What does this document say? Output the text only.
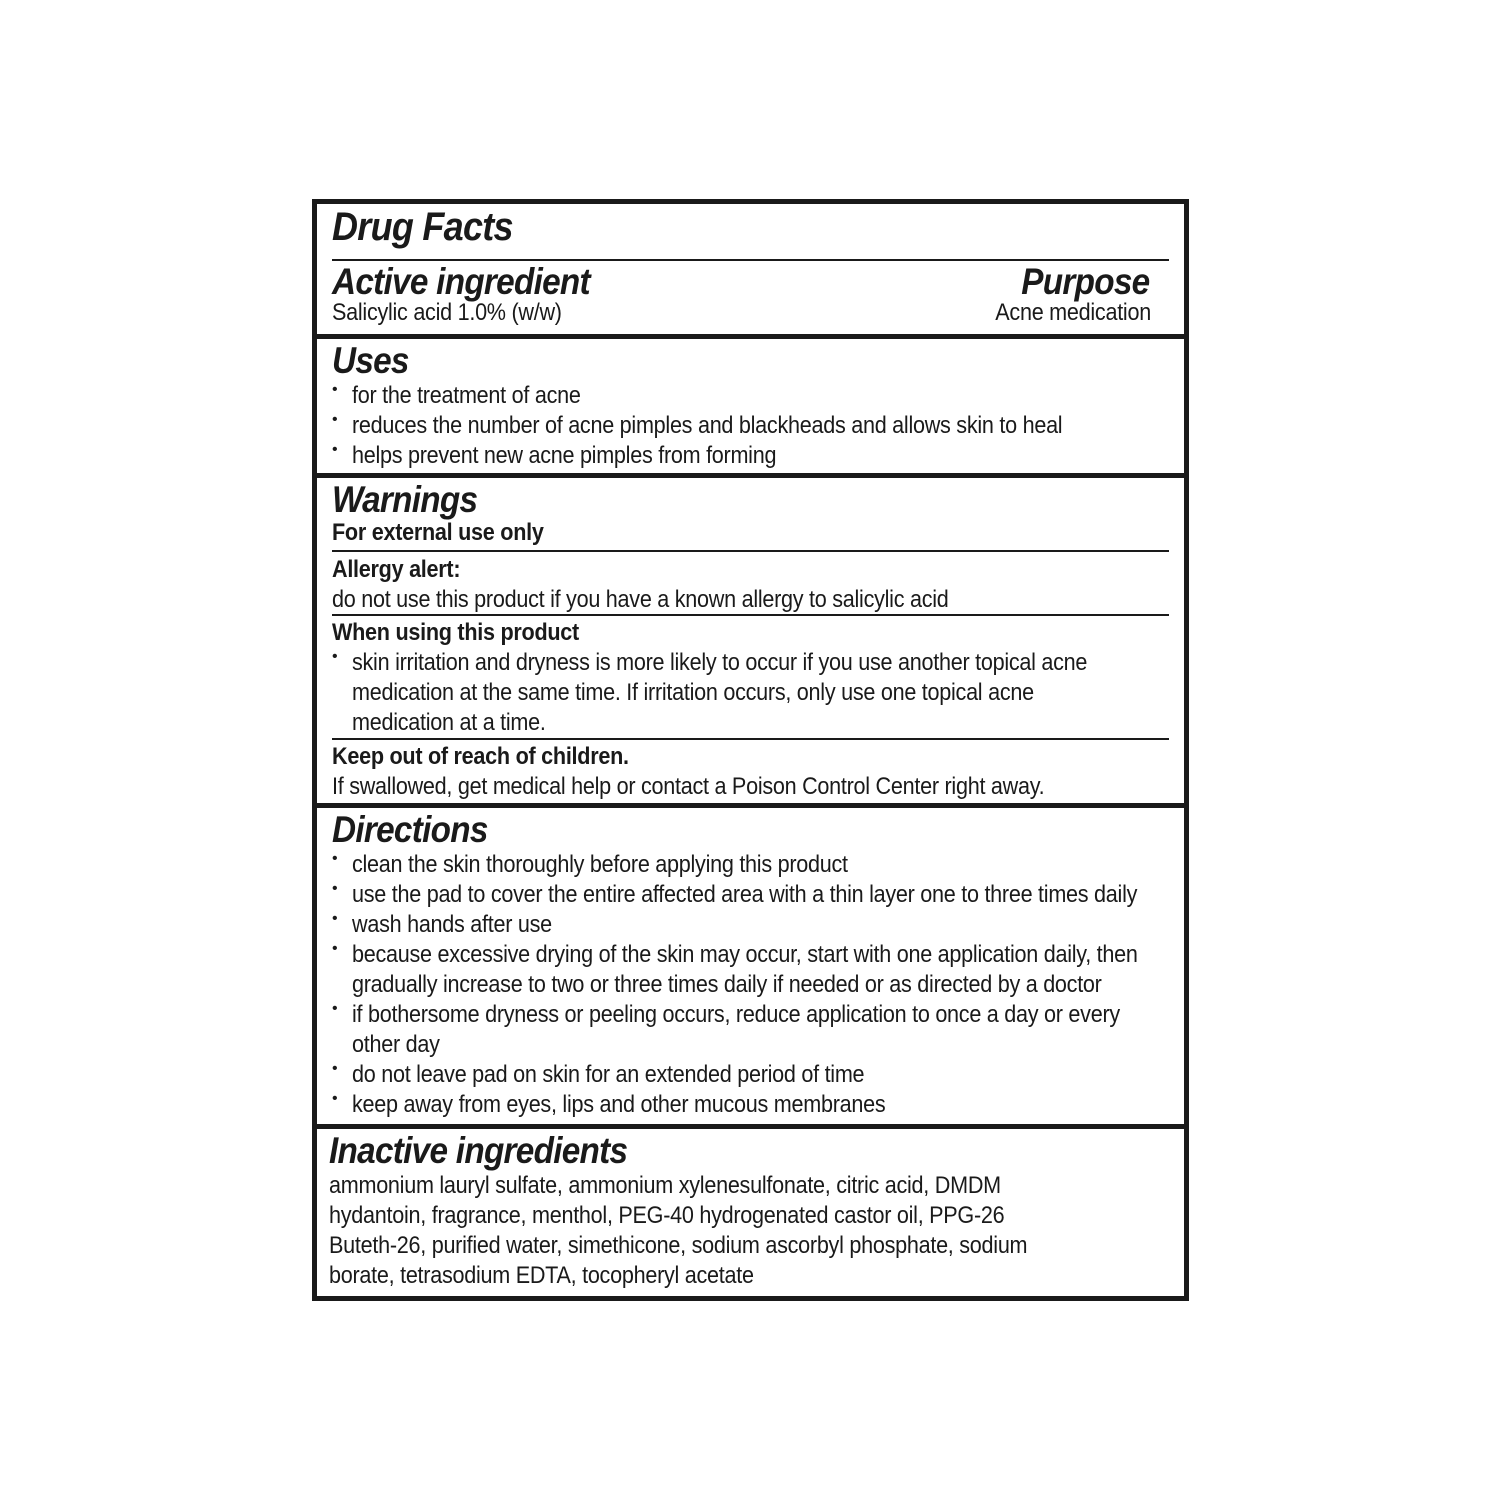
Drug Facts
Active ingredient
Salicylic acid 1.0% (w/w)
Purpose
Acne medication
Uses
• for the treatment of acne
• reduces the number of acne pimples and blackheads and allows skin to heal
• helps prevent new acne pimples from forming
Warnings
For external use only
Allergy alert:
do not use this product if you have a known allergy to salicylic acid
When using this product
• skin irritation and dryness is more likely to occur if you use another topical acne
medication at the same time. If irritation occurs, only use one topical acne
medication at a time.
Keep out of reach of children.
If swallowed, get medical help or contact a Poison Control Center right away.
Directions
• clean the skin thoroughly before applying this product
• use the pad to cover the entire affected area with a thin layer one to three times daily
• wash hands after use
• because excessive drying of the skin may occur, start with one application daily, then
gradually increase to two or three times daily if needed or as directed by a doctor
• if bothersome dryness or peeling occurs, reduce application to once a day or every
other day
• do not leave pad on skin for an extended period of time
• keep away from eyes, lips and other mucous membranes
Inactive ingredients
ammonium lauryl sulfate, ammonium xylenesulfonate, citric acid, DMDM
hydantoin, fragrance, menthol, PEG-40 hydrogenated castor oil, PPG-26
Buteth-26, purified water, simethicone, sodium ascorbyl phosphate, sodium
borate, tetrasodium EDTA, tocopheryl acetate
